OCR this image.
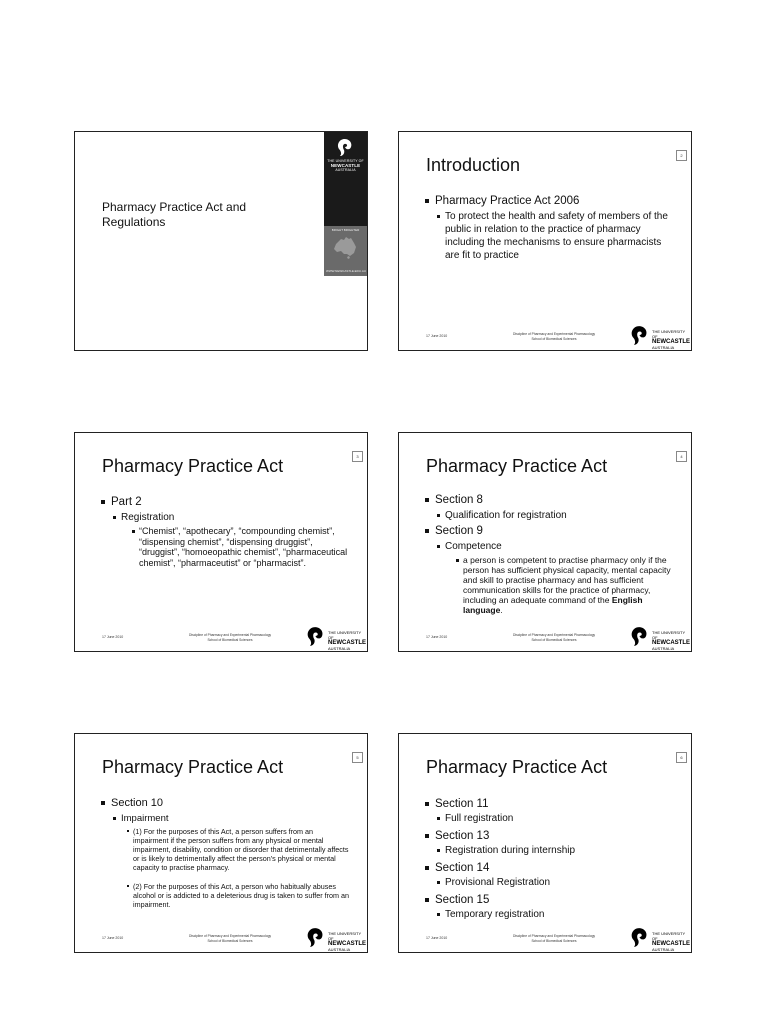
Pharmacy Practice Act and Regulations
THE UNIVERSITY OF
NEWCASTLE
AUSTRALIA
BRIGHT BRIGHTER
WWW.NEWCASTLE.EDU.AU
2
Introduction

Pharmacy Practice Act 2006

To protect the health and safety of members of the public in relation to the practice of pharmacy including the mechanisms to ensure pharmacists are fit to practice

17 June 2010	Discipline of Pharmacy and Experimental Pharmacology
School of Biomedical Sciences
THE UNIVERSITY OF
NEWCASTLE
AUSTRALIA
3
Pharmacy Practice Act

Part 2

Registration

“Chemist”, “apothecary”, “compounding chemist”, “dispensing chemist”, “dispensing druggist”, “druggist”, “homoeopathic chemist”, “pharmaceutical chemist”, “pharmaceutist” or “pharmacist”.

17 June 2010	Discipline of Pharmacy and Experimental Pharmacology
School of Biomedical Sciences
THE UNIVERSITY OF
NEWCASTLE
AUSTRALIA
4
Pharmacy Practice Act

Section 8

Qualification for registration

Section 9

Competence

a person is competent to practise pharmacy only if the person has sufficient physical capacity, mental capacity and skill to practise pharmacy and has sufficient communication skills for the practice of pharmacy, including an adequate command of the English language.

17 June 2010	Discipline of Pharmacy and Experimental Pharmacology
School of Biomedical Sciences
THE UNIVERSITY OF
NEWCASTLE
AUSTRALIA
5
Pharmacy Practice Act

Section 10

Impairment

(1) For the purposes of this Act, a person suffers from an impairment if the person suffers from any physical or mental impairment, disability, condition or disorder that detrimentally affects or is likely to detrimentally affect the person’s physical or mental capacity to practise pharmacy.

(2) For the purposes of this Act, a person who habitually abuses alcohol or is addicted to a deleterious drug is taken to suffer from an impairment.

17 June 2010	Discipline of Pharmacy and Experimental Pharmacology
School of Biomedical Sciences
THE UNIVERSITY OF
NEWCASTLE
AUSTRALIA
6
Pharmacy Practice Act

Section 11

Full registration

Section 13

Registration during internship

Section 14

Provisional Registration

Section 15

Temporary registration

17 June 2010	Discipline of Pharmacy and Experimental Pharmacology
School of Biomedical Sciences
THE UNIVERSITY OF
NEWCASTLE
AUSTRALIA
